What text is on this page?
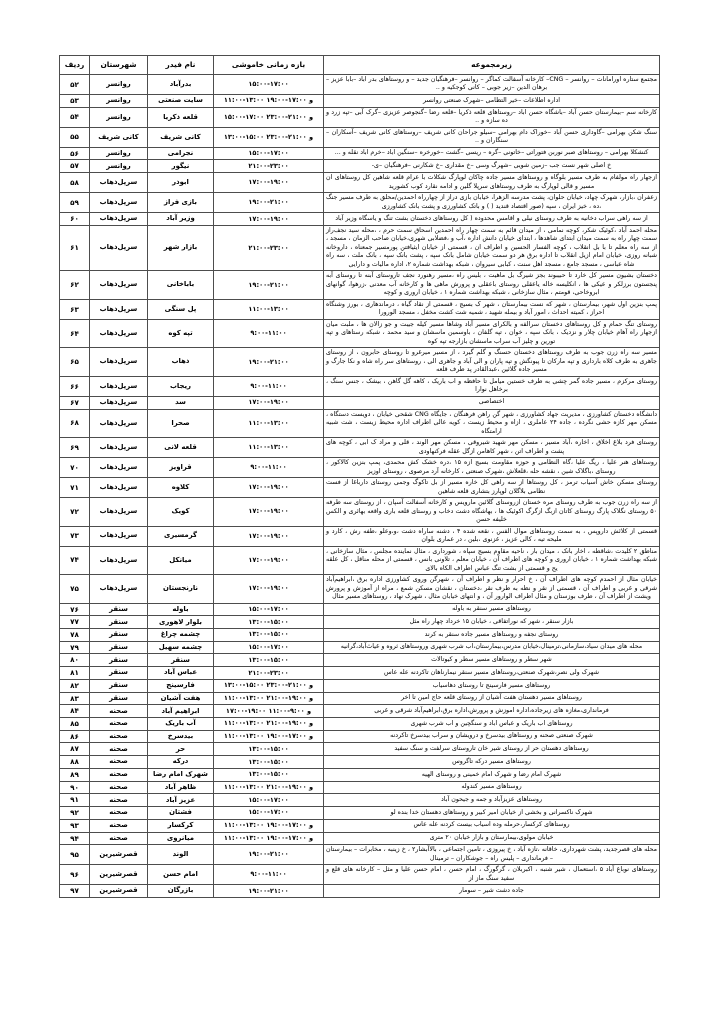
زیرمجموعه	بازه زمانی خاموشی	نام فیدر	شهرستان	ردیف
مجتمع ستاره اورامانات – روانسر – CNG– کارخانه آسفالت کماگر – روانسر –فرهنگیان جدید – و روستاهای بدر اباد –بابا عزیز –برهان الدین –زیر جوبی – کانی کوجکیه و ..	۱۵:۰۰-۱۷:۰۰	بدرآباد	روانسر	۵۲
اداره اطلاعات –خیر التظامی –شهرک صنعتی روانسر	۱۱:۰۰-۱۳:۰۰ و ۱۷:۰۰-۱۹:۰۰	سایت صنعتی	روانسر	۵۳
کارخانه سم –بیمارستان حسن آباد –باشگاه حسن اباد –روستاهای قلعه ذکریا –قلعه رضا –گنجوصر عزیزی –گرک آبی –تپه زرد و ده سازه و ..	۱۵:۰۰-۱۷:۰۰ و ۲۱:۰۰-۲۳:۰۰	قلعه ذکریا	روانسر	۵۴
سنگ شکن بهرامی –گاوداری حسن آباد –خوراک دام بهرامی –سیلو جراحان کانی شریف –روستاهای کانی شریف –آسکاران –سنگاران و ..	۱۳:۰۰-۱۵:۰۰ و ۲۱:۰۰-۲۳:۰۰	کانی شریف	کانی شریف	۵۵
کنشکلا بهرامی – روستاهای صبر نوربن فتوراتی –خاتونی –گره – ریسی –گشت –خورخره –سنگین اباد –خرم اباد نقله و ...	۱۵:۰۰-۱۷:۰۰	نجرامی	روانسر	۵۶
خ اصلی شهر نست جب –زمین شویی –شهرگ وسی –خ مقداری –خ شکارنی –فرهنگیان –ی-	۲۱:۰۰-۲۳:۰۰	نیگور	روانسر	۵۷
ازجهار راه مولفام به طرف مسیر بلوگاه و روستاهای مسیر جاده چاکان لوپارگ شکلات با عرام قلعه شاهین کل روستاهای ان مسیر و قالی لوپارگ به طرف روستاهای سرپلا گلین و ادامه نقارد کوب کشورید	۱۷:۰۰-۱۹:۰۰	ابوذر	سرپل‌ذهاب	۵۸
زعفران ،بازار، شهرک چهاد، خیابان حلوان، پشت مدرسه الزهرا، خیابان بازی دراز از چهارراه احمدین/محلق به طرف مسیر جنگ ،ده ، خیز ایران ، سپه (صور اقتصاد قندید ( ) و باتک کشاورزی و پشت بانک کشاورزی	۱۹:۰۰-۲۱:۰۰	بازی فراز	سرپل‌ذهاب	۵۹
از سه راهی سراب دخانیه به طرف روستای نیلی و اقامس محدوده ( کل روستاهای دخستان بشت تنگ و یاسگاه وزیر آباد	۱۷:۰۰-۱۹:۰۰	وزیر آباد	سرپل‌ذهاب	۶۰
محله احمد آباد ،کوئیک شکر، کوچه نمامی ، از میدان قائم به سمت چهار راه احمدین اسحاق سمت حرم ، ،محله سید نجف‌راز سمت چهار راه به سمت میدان ابتدای شاهدها ، ابتدای خیابان دانش اداره ،آب و ،فضلابی شهری،خیابان صاحب الزمان ، مسجد ، از سه راه معلم تا با بل انقلاب ، کوچه الفسار الحسین و اطراف ان ، قسمتی از خیابان ایثیافتن پورمسیر جمعناه ، داروخانه شبانه روزی، خیابان امام ازیل انقلاب تا اداره برق هر دو سمت خیابان شامل بانک سپه ، پشت بانک سپه ، بانک ملت ، سه راه شاه عباسی ، مسجد جامع ، مسجد اهل سنت ، کبابی سیروان ، شبکه بهداشت شماره ۲، اداره مالیات و دارایی	۲۱:۰۰-۲۳:۰۰	بازار شهر	سرپل‌ذهاب	۶۱
دخستان بشیون مسیر کل خارد تا حبیبوند بجز شیرگ بل ماهیت ، بلیس راه ،مسیر رهنورد نجف تاروستای آبنه تا روستای آبه پنجستون برزلکر و عیکی ها ، انکلیسه خاله یاعقلی روستای باعقلی و پرورش ماهی ها و کارخانه آب معدنی ،زرهوا، گوانهای ابروخاحی، قومتم ، مثال سازخانی ، شبکه بهداشت شماره ۱ ، خیابان اروری و کوچه	۱۹:۰۰-۲۱:۰۰	باباخانی	سرپل‌ذهاب	۶۲
پمپ بنزین اول شهر، بیمارستان ، شهر که نست بیمارستان ، شهر ک بسیج ، قسمتی از نقاد گیاه ، درماندهاری ، بورز وشنگاه احراز ، کمیته احداث ، امور آباد و بیمله شهید ، شمیه شت کشت مخفل ، مسجد الورورا	۱۱:۰۰-۱۳:۰۰	پل سنگی	سرپل‌ذهاب	۶۳
روستای تنگ حمام و کل روستاهای دخستان سرالفه و بالکرای مسیر آباد وشاها مسیر کیله جیبت و جو زالان ها ، ملبت میان ازجهار راه آهام خیابان چلار و نزدیک ، بانک سپه ، خوان ، تپه گلفان ، باوسمین ماسشان و سید محمد ، شبکه رستاهای و تپه تورین و چلیز آب سراب ماسشان بازارجه تپه کوه	۹:۰۰-۱۱:۰۰	تپه کوه	سرپل‌ذهاب	۶۴
مسیر سه راه زرن جوب به طرف روستاهای دخستان حسنگ و گلم گیرد ، از مسیر میرغرو تا روستای حابرون ، از روستای جاهری به طرف کلاه بارداری و تپه مارکان تا پیونگش و تپه پاران و الی آباد و جاهری الی ، روستاهای سر راه شاه و نکا جارگ و مسیر جاده گلائین ،عبدالقادر پد طرف قلعه	۱۹:۰۰-۲۱:۰۰	ذهاب	سرپل‌ذهاب	۶۵
روستای مرکزم ، مسیر جاده گمر چشی به طرف خستین میامل تا حافظه و اب باریک ، کاهه گل گاهن ، بیشک ، جنس سنگ ، برخاهل نوارا	۹:۰۰-۱۱:۰۰	ریجاب	سرپل‌ذهاب	۶۶
اختصاصی	۱۷:۰۰-۱۹:۰۰	سد	سرپل‌ذهاب	۶۷
دانشگاه دخستان کشاورزی ، مدیریت جهاد کشاورزی ، شهر گن راهن فرهنگان ، جایگاه CNG شقحی خیابان ، دویست دستگاه ، مسکن مهر کازه حشی نگرده ، جاده ۲۴ عاملری ، ازاه و محیط زیست ، کویه عالی اطراف اداره محیط زیست ، شت شبیه ارامتگاه	۱۱:۰۰-۱۳:۰۰	صحرا	سرپل‌ذهاب	۶۸
روستای فرد بلاغ اخلاق ، اخاره ،آباد مسیر ، مسکن مهر شهید شیروقی ، مسکن مهر الوند ، قلی و مراد ک ابی ، کوچه های پشت و اطراف اتن ، شهر کاهامن ازگل عقله فرکنهاودی	۱۱:۰۰-۱۳:۰۰	قلعه لانی	سرپل‌ذهاب	۶۹
روستاهای هنر علیا ، ریگ علیا ،گاه النظامی و حوزه مقاومت بسیج ازه ۱۵ ،دره خشک کش محمدی، پمپ بنزین کالاکور ، روستای ،باگلاک شین ، نقشه حله ،قلعلاش ،شهرک صنعتی ، کارخانه آرد مرصوی ، روستای اوزیز	۹:۰۰-۱۱:۰۰	قراویز	سرپل‌ذهاب	۷۰
روستای مسکن خاش آسیاب ترمز ، کل روستاها از سه راهی کل خاره مسیر از بل تاکوگ وجمی روستای دارباغا از فست نظامی بلاگلان لوپارز بتشاری قلعه شاهین	۱۷:۰۰-۱۹:۰۰	کلاوه	سرپل‌ذهاب	۷۱
از سه راه زرن جوب به طرف روستای مره خستان ازروستای گلائین مارویس و کارخانه آسفالت آسپان ، از روستای سه طرفه ۵۰ روستای نگلاک پارگ روستای کاتان ازبگ ازگرگ اکوئیک ها ، بهاشگاه دشت دخاب و روستای قلعه باری واقعه بهائری و الکس خلیفه حسن	۱۷:۰۰-۱۹:۰۰	کویک	سرپل‌ذهاب	۷۲
قسمتی از کلائش داروپس ، به سمت روستاهای موال الفس ، نقعه شده ۴ ، دشنه ساراه دشت ،و،وعلو ،طفه رش ، کارد و ملیحه تیه ، کالی عزیز ، غزنوی ،بلین ، در عماری بلوان	۱۷:۰۰-۱۹:۰۰	گرمسیری	سرپل‌ذهاب	۷۳
مناطق ۲ کلیدت ،شاقطه ، اخار بانک ، میدان بار ، ناحیه مقاوم بسیج سپاه ، شورداری ، مثال نماینده مجلس ، مثال سازخانی ، شبکه بهداشت شماره ۱ ، خیابان اروری و کوچه های اطراف آن ، خیابان معلم ، تلاونی بانس ، قسمتی از محله مناقل ، کل علقه یح و قسمتی از بشت تنگ عباس اطراف الکاه بالای	۱۷:۰۰-۱۹:۰۰	میانکل	سرپل‌ذهاب	۷۴
خیابان مثال از احمدم کوچه های اطراف آن ، خ احرار و نظر و اطراف آن ، شهرگن وروی کشاورزی اداره برق ،ابراهیم‌آباد شرقی و غربی و اطراف آن ، قسمتی از نقر و نظه به طرف نقر ،دخستان ، نقشان مسکن شمع ، مراه از آموزش و پرورش ویشت از اطراف آن ، طرف بوزستان و مثال اطراف الوارور آن ، و انتهای خیابان مثال ، شهرک نهاد ، روستاهای مسیر مثال	۱۷:۰۰-۱۹:۰۰	نارنجستان	سرپل‌ذهاب	۷۵
روستاهای مسیر سنقر به باوله	۱۵:۰۰-۱۷:۰۰	باوله	سنقر	۷۶
بازار سنقر ، شهر که نوراتفاقی ، خیابان ۱۵ خرداد چهار راه مثل	۱۳:۰۰-۱۵:۰۰	بلوار لاهوری	سنقر	۷۷
روستای نجفه و روستاهای مسیر جاده سنقر به کرند	۱۳:۰۰-۱۵:۰۰	چشمه چراغ	سنقر	۷۸
محله های میدان سیاد،سازمانی،ترمینال،خیابان مدرس،بیمارستان،اب شرب شهری وروستاهای ثروه و غیاث‌آباد،گرانیه	۱۵:۰۰-۱۷:۰۰	چشمه سهیل	سنقر	۷۹
شهر سطر و روستاهای مسیر سطر و کیوتالات	۱۳:۰۰-۱۵:۰۰	سنقر	سنقر	۸۰
شهرک ولی نصر،شهرک صنعتی،روستاهای مسیر سنقر نیمارناهان تاکردنه عله عاس	۲۱:۰۰-۲۳:۰۰	عباس آباد	سنقر	۸۱
روستاهای مسیر فارسینج تا روستای دهاسیاب	۱۳:۰۰-۱۵:۰۰ و ۲۱:۰۰-۲۳:۰۰	فارسینج	سنقر	۸۲
روستاهای مسیر دهستان هفت آشیان از روستای قلعه حاج امین تا اخر	۱۱:۰۰-۱۳:۰۰ و ۱۹:۰۰-۲۱:۰۰	هفت آشیان	سنقر	۸۳
فرمانداری،مغازه های زیرجاده،اداره اموزش و پرورش،اداره برق،ابراهیم‌آباد شرقی و غربی	۱۷:۰۰-۱۹:۰۰ و ۹:۰۰-۱۱:۰۰	ابراهیم آباد	صحنه	۸۴
روستاهای اب باریک و عباس اباد و سنگچین و اب شرب شهری	۱۱:۰۰-۱۳:۰۰ و ۱۹:۰۰-۲۱:۰۰	آب باریک	صحنه	۸۵
شهرک صنعتی صحنه و روستاهای بیدسرخ و درویشان و سراب بیدسرخ تاکردنه	۱۱:۰۰-۱۳:۰۰ و ۱۷:۰۰-۱۹:۰۰	بیدسرخ	صحنه	۸۶
روستاهای دهستان حر از روستای شیر خان تاروستای سرلفت و سنگ سفید	۱۳:۰۰-۱۵:۰۰	حر	صحنه	۸۷
روستاهای مسیر درکه تاگروس	۱۳:۰۰-۱۵:۰۰	درکه	صحنه	۸۸
شهرک امام رضا و شهرک امام خمینی و روستای الهیه	۱۳:۰۰-۱۵:۰۰	شهرک امام رضا	صحنه	۸۹
روستاهای مسیر کندوله	۱۱:۰۰-۱۳:۰۰ و ۱۹:۰۰-۲۱:۰۰	ظاهر آباد	صحنه	۹۰
روستاهای عزیزآباد و جمه و جیحون آباد	۱۵:۰۰-۱۷:۰۰	عزیز آباد	صحنه	۹۱
شهرک ناکسرانی و بخشی از خیابان امیر کبیر و روستاهای دهستان خدا بنده لو	۱۵:۰۰-۱۷:۰۰	فشتان	صحنه	۹۲
روستاهای کرکسار،حرمله وده اسیاب بیست کردنه عله عاس	۱۱:۰۰-۱۳:۰۰ و ۱۷:۰۰-۱۹:۰۰	کرکسار	صحنه	۹۳
خیابان مولوی،بیمارستان و بازار خیابان ۲۰ متری	۱۱:۰۰-۱۳:۰۰ و ۱۷:۰۰-۱۹:۰۰	میانروی	صحنه	۹۴
محله های قصرجدید، پشت شهرداری، خاقانه ،تازه آباد ، خ پیروزی ، تامین اجتماعی ، بالاآبشار۲ ، خ زینبه ، مخابرات – بیمارستان – فرمانداری – پلیس راه – جوشکاران – ترمینال	۱۹:۰۰-۲۱:۰۰	الوند	قصرشیرین	۹۵
روستاهای نوباغ آباد ۵ ،استعمال ، شیر شنبه ، اکبربلان ، گرگورگ ، امام حسن ، امام حسن علیا و مثل – کارخانه های قلع و سفید سنگ ماز از	۹:۰۰-۱۱:۰۰	امام حسن	قصرشیرین	۹۶
جاده دشت شیر – سومار	۱۹:۰۰-۲۱:۰۰	بازرگان	قصرشیرین	۹۷
